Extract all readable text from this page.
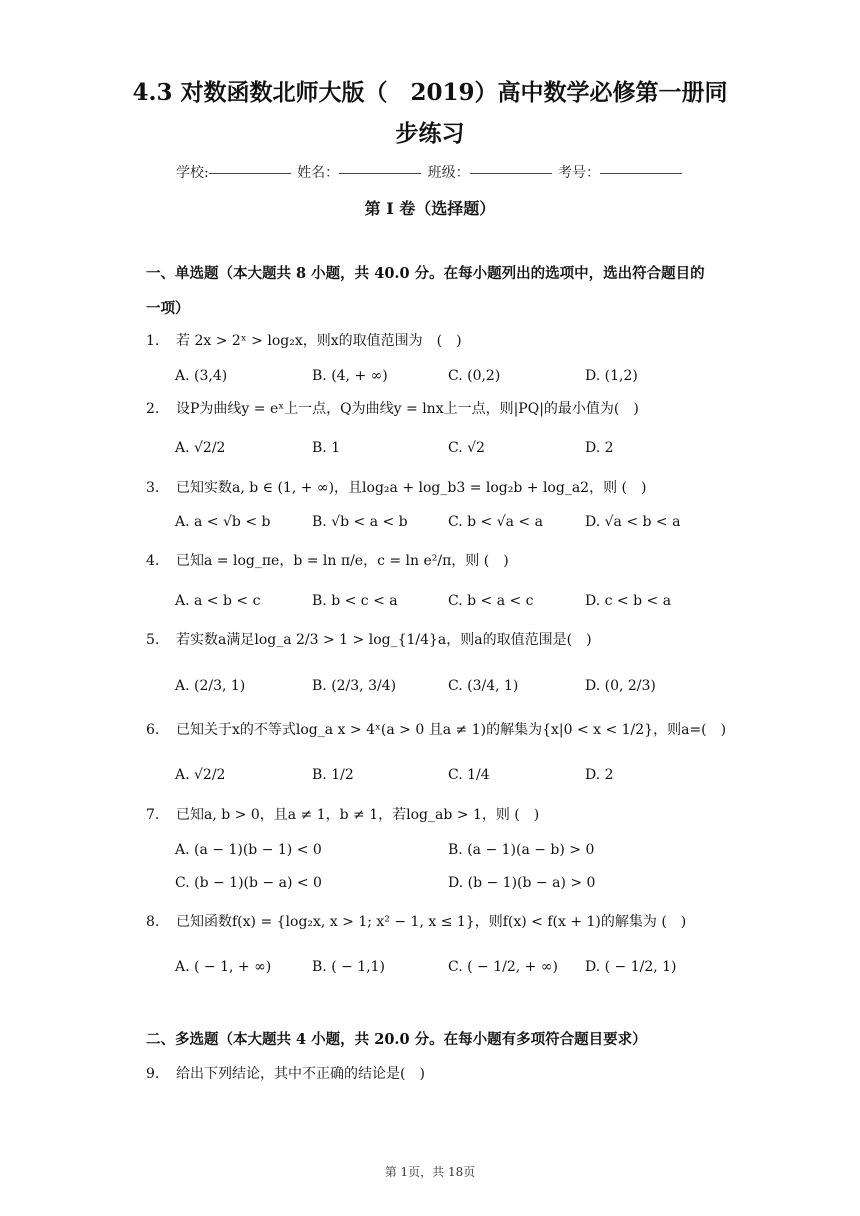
4.3 对数函数北师大版（　2019）高中数学必修第一册同
步练习
学校:	姓名：	班级：	考号：
第 I 卷（选择题）
一、单选题（本大题共 8 小题，共 40.0 分。在每小题列出的选项中，选出符合题目的
一项）
1.	若 2x > 2ˣ > log₂x，则x的取值范围为　(　)
A. (3,4)	B. (4, + ∞)	C. (0,2)	D. (1,2)
2.	设P为曲线y = eˣ上一点，Q为曲线y = lnx上一点，则|PQ|的最小值为(　)
A. √2/2	B. 1	C. √2	D. 2
3.	已知实数a, b ∈ (1, + ∞)，且log₂a + log_b3 = log₂b + log_a2，则 (　)
A. a < √b < b	B. √b < a < b	C. b < √a < a	D. √a < b < a
4.	已知a = log_πe，b = ln π/e，c = ln e²/π，则 (　)
A. a < b < c	B. b < c < a	C. b < a < c	D. c < b < a
5.	若实数a满足log_a 2/3 > 1 > log_{1/4}a，则a的取值范围是(　)
A. (2/3, 1)	B. (2/3, 3/4)	C. (3/4, 1)	D. (0, 2/3)
6.	已知关于x的不等式log_a x > 4ˣ(a > 0 且a ≠ 1)的解集为{x|0 < x < 1/2}，则a=(　)
A. √2/2	B. 1/2	C. 1/4	D. 2
7.	已知a, b > 0，且a ≠ 1，b ≠ 1，若log_ab > 1，则 (　)
A. (a − 1)(b − 1) < 0	B. (a − 1)(a − b) > 0
C. (b − 1)(b − a) < 0	D. (b − 1)(b − a) > 0
8.	已知函数f(x) = {log₂x, x > 1; x² − 1, x ≤ 1}，则f(x) < f(x + 1)的解集为 (　)
A. ( − 1, + ∞)	B. ( − 1,1)	C. ( − 1/2, + ∞) D. ( − 1/2, 1)
二、多选题（本大题共 4 小题，共 20.0 分。在每小题有多项符合题目要求）
9.	给出下列结论，其中不正确的结论是(　)
第 1页，共 18页
